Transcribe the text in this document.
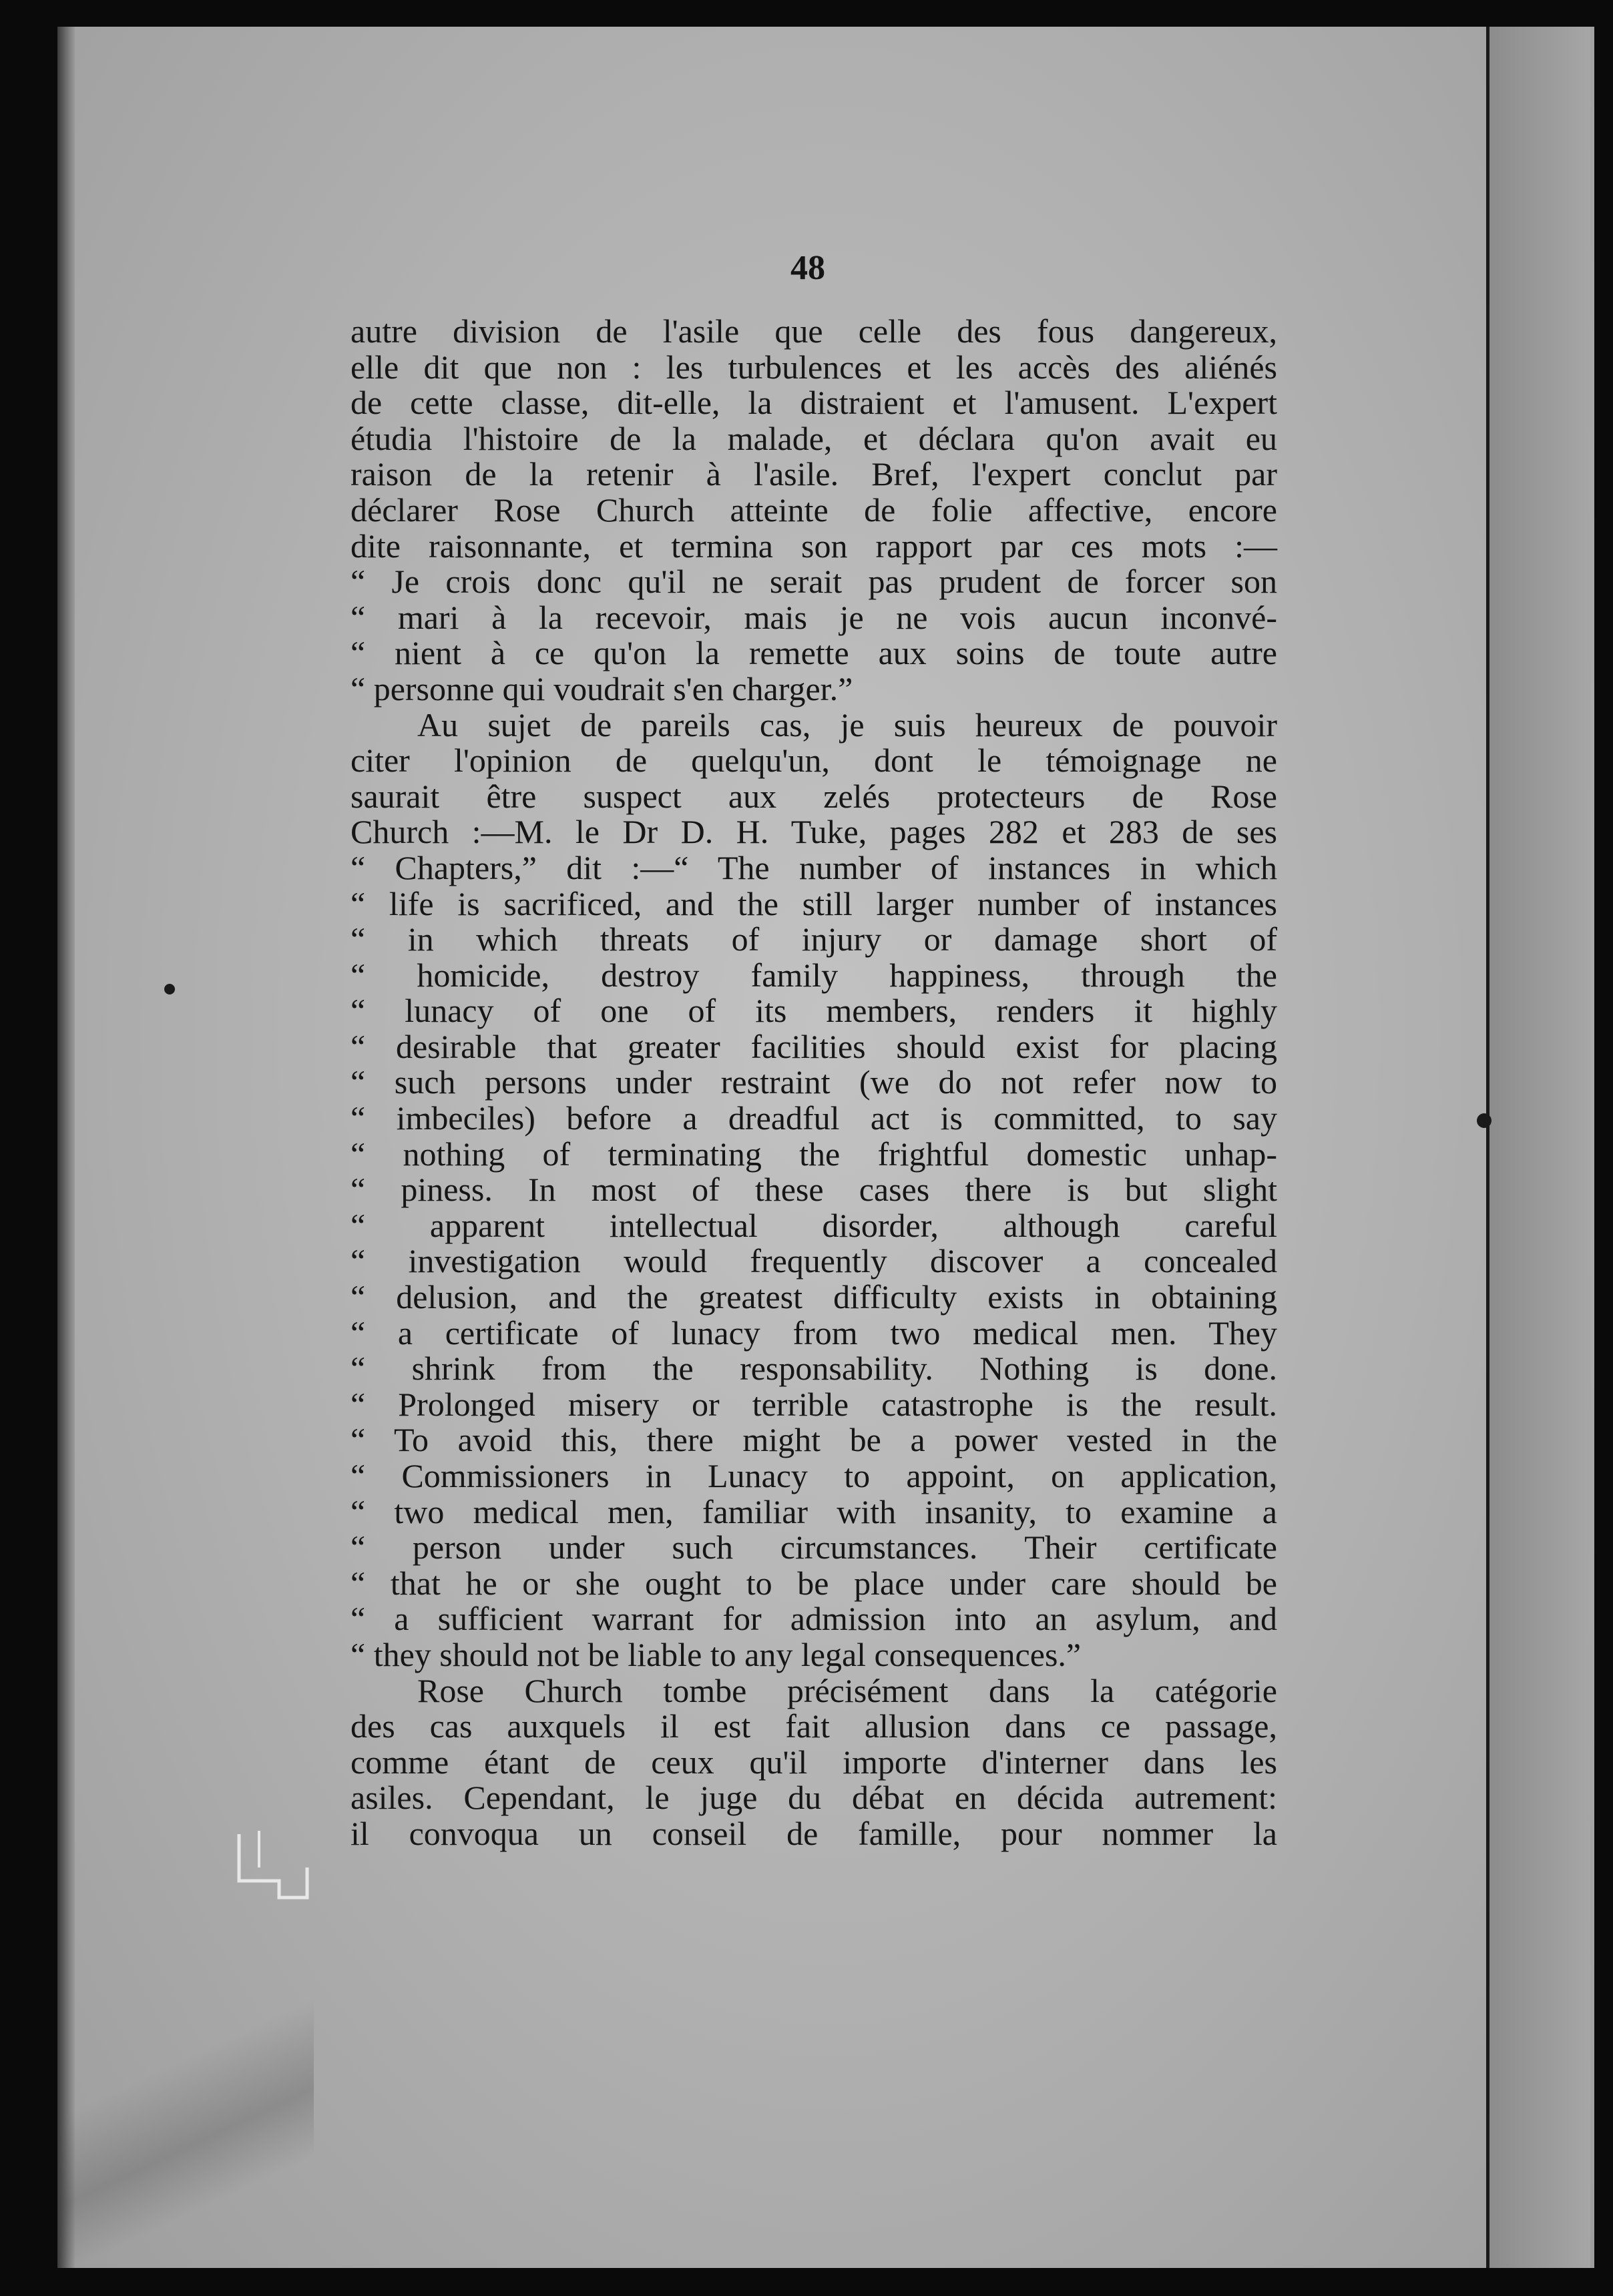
48
autre division de l'asile que celle des fous dangereux,
elle dit que non : les turbulences et les accès des aliénés
de cette classe, dit-elle, la distraient et l'amusent. L'expert
étudia l'histoire de la malade, et déclara qu'on avait eu
raison de la retenir à l'asile. Bref, l'expert conclut par
déclarer Rose Church atteinte de folie affective, encore
dite raisonnante, et termina son rapport par ces mots :—
“ Je crois donc qu'il ne serait pas prudent de forcer son
“ mari à la recevoir, mais je ne vois aucun inconvé-
“ nient à ce qu'on la remette aux soins de toute autre
“ personne qui voudrait s'en charger.”
Au sujet de pareils cas, je suis heureux de pouvoir
citer l'opinion de quelqu'un, dont le témoignage ne
saurait être suspect aux zelés protecteurs de Rose
Church :—M. le Dr D. H. Tuke, pages 282 et 283 de ses
“ Chapters,” dit :—“ The number of instances in which
“ life is sacrificed, and the still larger number of instances
“ in which threats of injury or damage short of
“ homicide, destroy family happiness, through the
“ lunacy of one of its members, renders it highly
“ desirable that greater facilities should exist for placing
“ such persons under restraint (we do not refer now to
“ imbeciles) before a dreadful act is committed, to say
“ nothing of terminating the frightful domestic unhap-
“ piness. In most of these cases there is but slight
“ apparent intellectual disorder, although careful
“ investigation would frequently discover a concealed
“ delusion, and the greatest difficulty exists in obtaining
“ a certificate of lunacy from two medical men. They
“ shrink from the responsability. Nothing is done.
“ Prolonged misery or terrible catastrophe is the result.
“ To avoid this, there might be a power vested in the
“ Commissioners in Lunacy to appoint, on application,
“ two medical men, familiar with insanity, to examine a
“ person under such circumstances. Their certificate
“ that he or she ought to be place under care should be
“ a sufficient warrant for admission into an asylum, and
“ they should not be liable to any legal consequences.”
Rose Church tombe précisément dans la catégorie
des cas auxquels il est fait allusion dans ce passage,
comme étant de ceux qu'il importe d'interner dans les
asiles. Cependant, le juge du débat en décida autrement:
il convoqua un conseil de famille, pour nommer la
